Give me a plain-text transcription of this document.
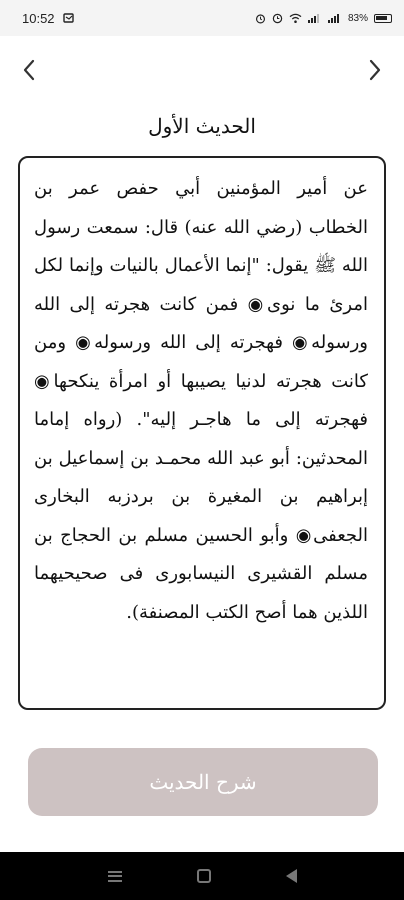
10:52	83%
الحديث الأول

عن أمير المؤمنين أبي حفص عمر بن الخطاب (رضي الله عنه) قال: سمعت رسول الله ﷺ يقول: "إنما الأعمال بالنيات وإنما لكل امرئ ما نوى◉ فمن كانت هجرته إلى الله ورسوله◉ فهجرته إلى الله ورسوله◉ ومن كانت هجرته لدنيا يصيبها أو امرأة ينكحها◉ فهجرته إلى ما هاجـر إليه". (رواه إماما المحدثين: أبو عبد الله محمـد بن إسماعيل بن إبراهيم بن المغيرة بن بردزبه البخارى الجعفى◉ وأبو الحسين مسلم بن الحجاج بن مسلم القشيرى النيسابورى فى صحيحيهما اللذين هما أصح الكتب المصنفة).

شرح الحديث
